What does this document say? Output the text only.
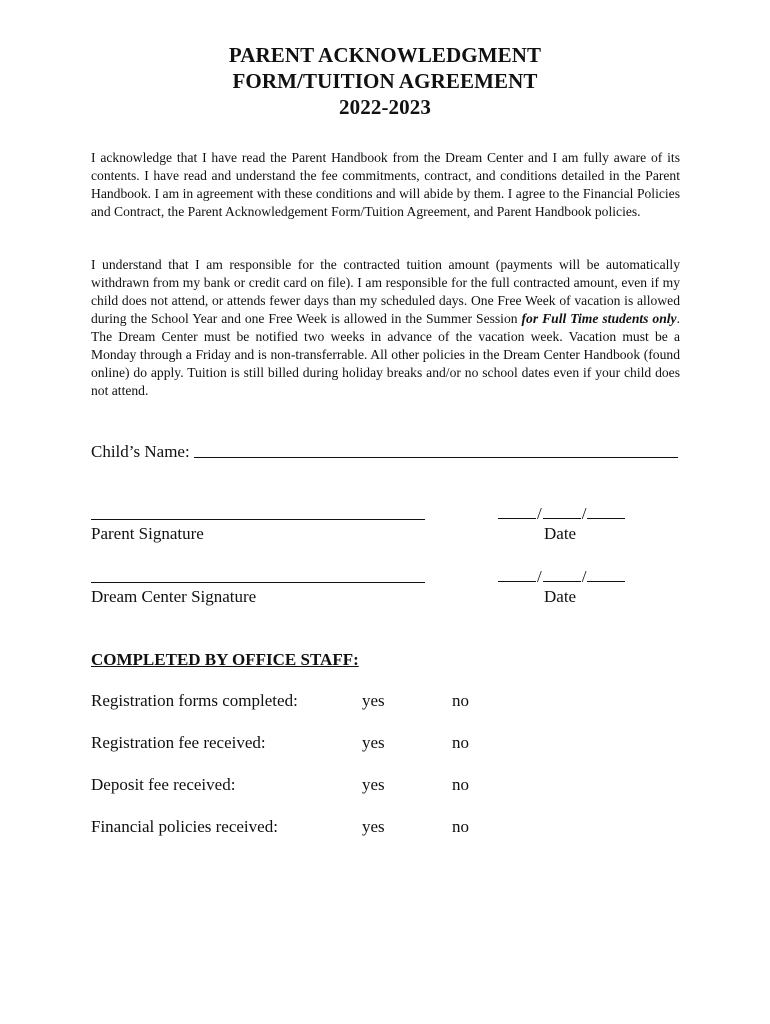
PARENT ACKNOWLEDGMENT
FORM/TUITION AGREEMENT
2022-2023

I acknowledge that I have read the Parent Handbook from the Dream Center and I am fully aware of its contents. I have read and understand the fee commitments, contract, and conditions detailed in the Parent Handbook. I am in agreement with these conditions and will abide by them. I agree to the Financial Policies and Contract, the Parent Acknowledgement Form/Tuition Agreement, and Parent Handbook policies.

I understand that I am responsible for the contracted tuition amount (payments will be automatically withdrawn from my bank or credit card on file). I am responsible for the full contracted amount, even if my child does not attend, or attends fewer days than my scheduled days. One Free Week of vacation is allowed during the School Year and one Free Week is allowed in the Summer Session for Full Time students only. The Dream Center must be notified two weeks in advance of the vacation week. Vacation must be a Monday through a Friday and is non-transferrable. All other policies in the Dream Center Handbook (found online) do apply. Tuition is still billed during holiday breaks and/or no school dates even if your child does not attend.

Child’s Name:
Parent Signature
/ /
Date
Dream Center Signature
/ /
Date
COMPLETED BY OFFICE STAFF:
Registration forms completed:	yes	no
Registration fee received:	yes	no
Deposit fee received:	yes	no
Financial policies received:	yes	no
